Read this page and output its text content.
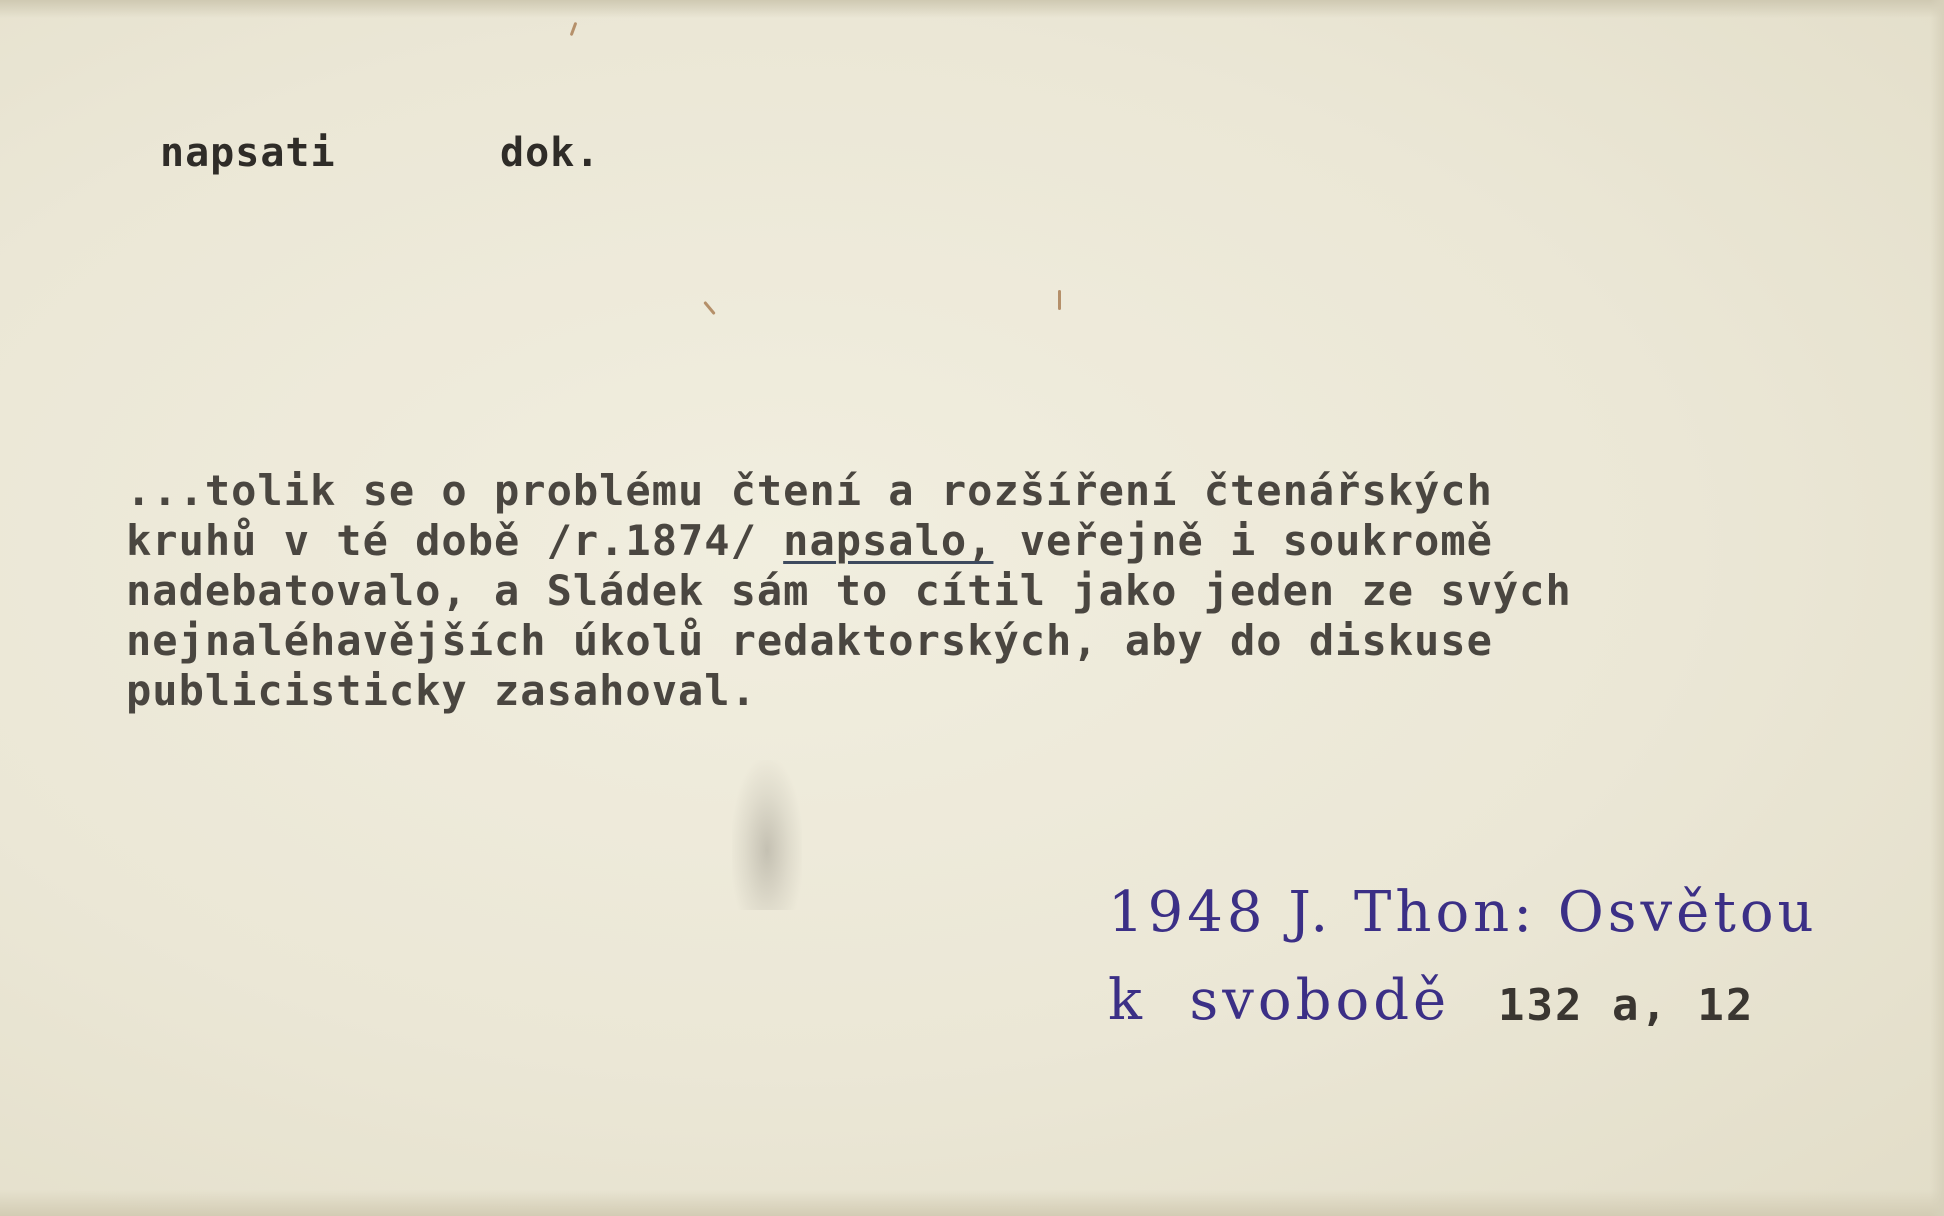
napsati	dok.
...tolik se o problému čtení a rozšíření čtenářských
kruhů v té době /r.1874/ napsalo, veřejně i soukromě
nadebatovalo, a Sládek sám to cítil jako jeden ze svých
nejnaléhavějších úkolů redaktorských, aby do diskuse
publicisticky zasahoval.
1948 J. Thon: Osvětou
k  svobodě 132 a, 12
